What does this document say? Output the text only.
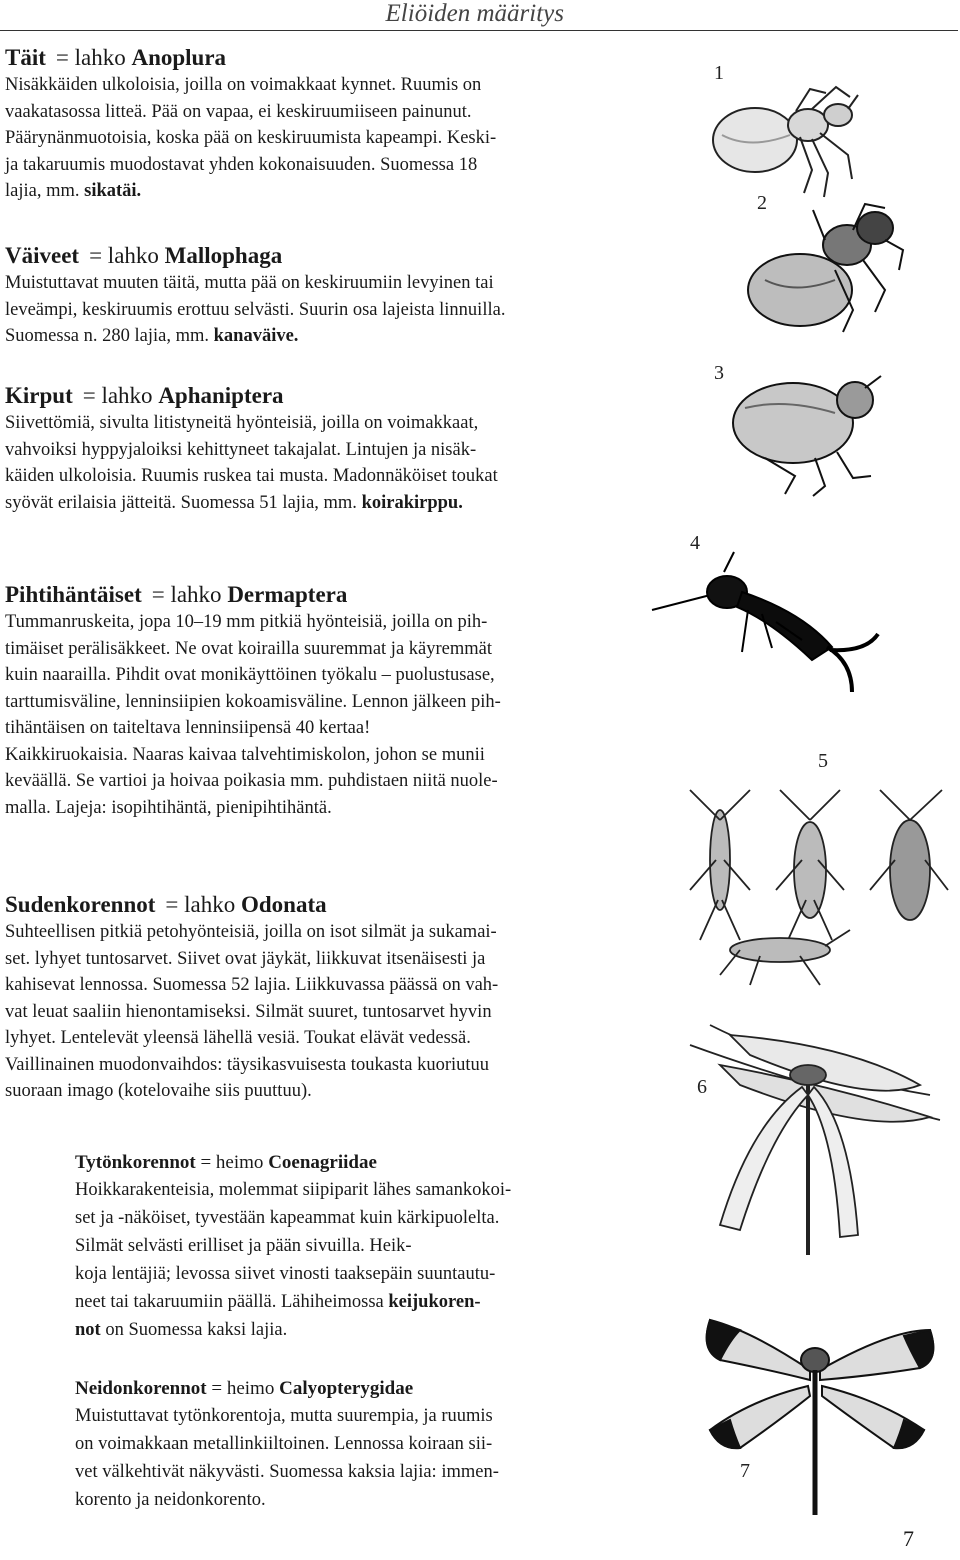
Eliöiden määritys
Täit = lahko Anoplura

Nisäkkäiden ulkoloisia, joilla on voimakkaat kynnet. Ruumis on
vaakatasossa litteä. Pää on vapaa, ei keskiruumiiseen painunut.
Päärynänmuotoisia, koska pää on keskiruumista kapeampi. Keski-
ja takaruumis muodostavat yhden kokonaisuuden. Suomessa 18
lajia, mm. sikatäi.

Väiveet = lahko Mallophaga

Muistuttavat muuten täitä, mutta pää on keskiruumiin levyinen tai
leveämpi, keskiruumis erottuu selvästi. Suurin osa lajeista linnuilla.
Suomessa n. 280 lajia, mm. kanaväive.

Kirput = lahko Aphaniptera

Siivettömiä, sivulta litistyneitä hyönteisiä, joilla on voimakkaat,
vahvoiksi hyppyjaloiksi kehittyneet takajalat. Lintujen ja nisäk-
käiden ulkoloisia. Ruumis ruskea tai musta. Madonnäköiset toukat
syövät erilaisia jätteitä. Suomessa 51 lajia, mm. koirakirppu.

Pihtihäntäiset = lahko Dermaptera

Tummanruskeita, jopa 10–19 mm pitkiä hyönteisiä, joilla on pih-
timäiset perälisäkkeet. Ne ovat koirailla suuremmat ja käyremmät
kuin naarailla. Pihdit ovat monikäyttöinen työkalu – puolustusase,
tarttumisväline, lenninsiipien kokoamisväline. Lennon jälkeen pih-
tihäntäisen on taiteltava lenninsiipensä 40 kertaa!
Kaikkiruokaisia. Naaras kaivaa talvehtimiskolon, johon se munii
keväällä. Se vartioi ja hoivaa poikasia mm. puhdistaen niitä nuole-
malla. Lajeja: isopihtihäntä, pienipihtihäntä.

Sudenkorennot = lahko Odonata

Suhteellisen pitkiä petohyönteisiä, joilla on isot silmät ja sukamai-
set. lyhyet tuntosarvet. Siivet ovat jäykät, liikkuvat itsenäisesti ja
kahisevat lennossa. Suomessa 52 lajia. Liikkuvassa päässä on vah-
vat leuat saaliin hienontamiseksi. Silmät suuret, tuntosarvet hyvin
lyhyet. Lentelevät yleensä lähellä vesiä. Toukat elävät vedessä.
Vaillinainen muodonvaihdos: täysikasvuisesta toukasta kuoriutuu
suoraan imago (kotelovaihe siis puuttuu).

Tytönkorennot = heimo Coenagriidae

Hoikkarakenteisia, molemmat siipiparit lähes samankokoi-
set ja -näköiset, tyvestään kapeammat kuin kärkipuolelta.
Silmät selvästi erilliset ja pään sivuilla. Heik-
koja lentäjiä; levossa siivet vinosti taaksepäin suuntautu-
neet tai takaruumiin päällä. Lähiheimossa keijukoren-
not on Suomessa kaksi lajia.

Neidonkorennot = heimo Calyopterygidae

Muistuttavat tytönkorentoja, mutta suurempia, ja ruumis
on voimakkaan metallinkiiltoinen. Lennossa koiraan sii-
vet välkehtivät näkyvästi. Suomessa kaksia lajia: immen-
korento ja neidonkorento.

1
2
3
4
5
6
7
7
